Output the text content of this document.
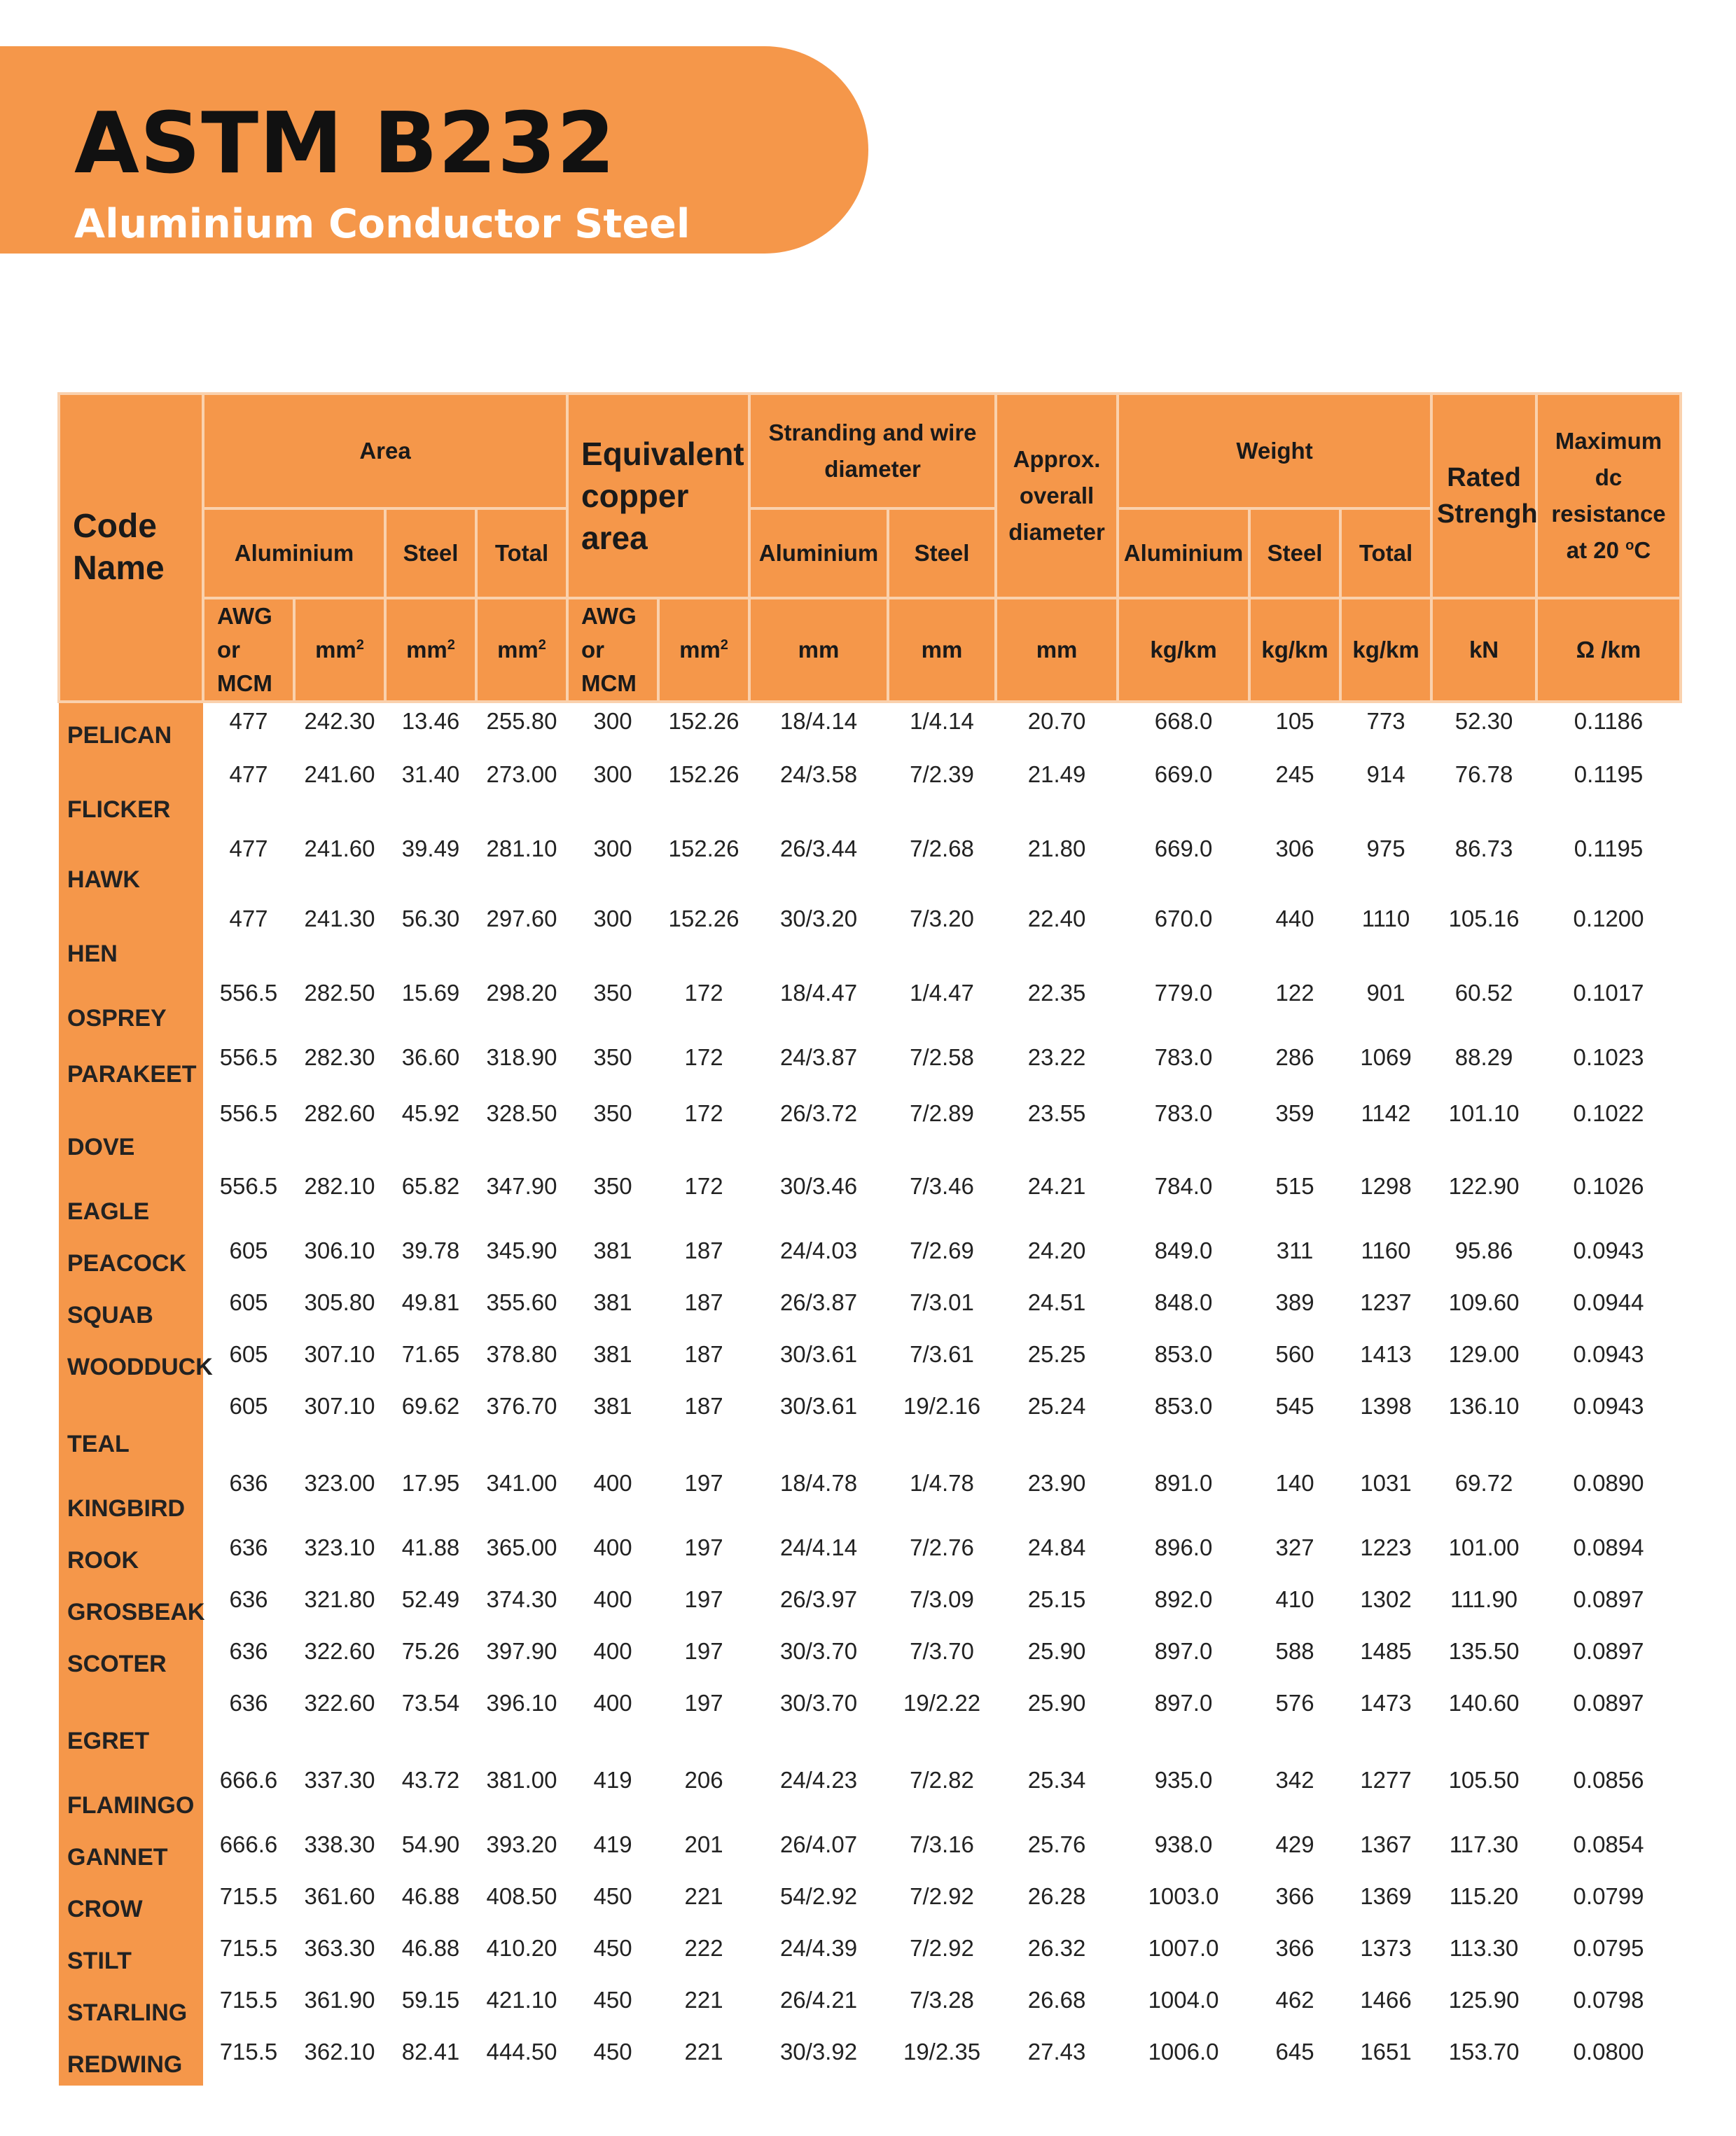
ASTM B232
Aluminium Conductor Steel
Reinforced(ACSR)
Code Name	Area				Equivalent copper area		Stranding and wire diameter		Approx. overall diameter	Weight			Rated Strengh	Maximum dc resistance at 20 $^o$C
	Aluminium		Steel	Total			Aluminium	Steel		Aluminium	Steel	Total		
	AWG or MCM	$mm^2$	$mm^2$	$mm^2$	AWG or MCM	$mm^2$	mm	mm	mm	kg/km	kg/km	kg/km	kN	Ω /km
PELICAN	477	242.30	13.46	255.80	300	152.26	18/4.14	1/4.14	20.70	668.0	105	773	52.30	0.1186
FLICKER	477	241.60	31.40	273.00	300	152.26	24/3.58	7/2.39	21.49	669.0	245	914	76.78	0.1195
HAWK	477	241.60	39.49	281.10	300	152.26	26/3.44	7/2.68	21.80	669.0	306	975	86.73	0.1195
HEN	477	241.30	56.30	297.60	300	152.26	30/3.20	7/3.20	22.40	670.0	440	1110	105.16	0.1200
OSPREY	556.5	282.50	15.69	298.20	350	172	18/4.47	1/4.47	22.35	779.0	122	901	60.52	0.1017
PARAKEET	556.5	282.30	36.60	318.90	350	172	24/3.87	7/2.58	23.22	783.0	286	1069	88.29	0.1023
DOVE	556.5	282.60	45.92	328.50	350	172	26/3.72	7/2.89	23.55	783.0	359	1142	101.10	0.1022
EAGLE	556.5	282.10	65.82	347.90	350	172	30/3.46	7/3.46	24.21	784.0	515	1298	122.90	0.1026
PEACOCK	605	306.10	39.78	345.90	381	187	24/4.03	7/2.69	24.20	849.0	311	1160	95.86	0.0943
SQUAB	605	305.80	49.81	355.60	381	187	26/3.87	7/3.01	24.51	848.0	389	1237	109.60	0.0944
WOODDUCK	605	307.10	71.65	378.80	381	187	30/3.61	7/3.61	25.25	853.0	560	1413	129.00	0.0943
TEAL	605	307.10	69.62	376.70	381	187	30/3.61	19/2.16	25.24	853.0	545	1398	136.10	0.0943
KINGBIRD	636	323.00	17.95	341.00	400	197	18/4.78	1/4.78	23.90	891.0	140	1031	69.72	0.0890
ROOK	636	323.10	41.88	365.00	400	197	24/4.14	7/2.76	24.84	896.0	327	1223	101.00	0.0894
GROSBEAK	636	321.80	52.49	374.30	400	197	26/3.97	7/3.09	25.15	892.0	410	1302	111.90	0.0897
SCOTER	636	322.60	75.26	397.90	400	197	30/3.70	7/3.70	25.90	897.0	588	1485	135.50	0.0897
EGRET	636	322.60	73.54	396.10	400	197	30/3.70	19/2.22	25.90	897.0	576	1473	140.60	0.0897
FLAMINGO	666.6	337.30	43.72	381.00	419	206	24/4.23	7/2.82	25.34	935.0	342	1277	105.50	0.0856
GANNET	666.6	338.30	54.90	393.20	419	201	26/4.07	7/3.16	25.76	938.0	429	1367	117.30	0.0854
CROW	715.5	361.60	46.88	408.50	450	221	54/2.92	7/2.92	26.28	1003.0	366	1369	115.20	0.0799
STILT	715.5	363.30	46.88	410.20	450	222	24/4.39	7/2.92	26.32	1007.0	366	1373	113.30	0.0795
STARLING	715.5	361.90	59.15	421.10	450	221	26/4.21	7/3.28	26.68	1004.0	462	1466	125.90	0.0798
REDWING	715.5	362.10	82.41	444.50	450	221	30/3.92	19/2.35	27.43	1006.0	645	1651	153.70	0.0800
